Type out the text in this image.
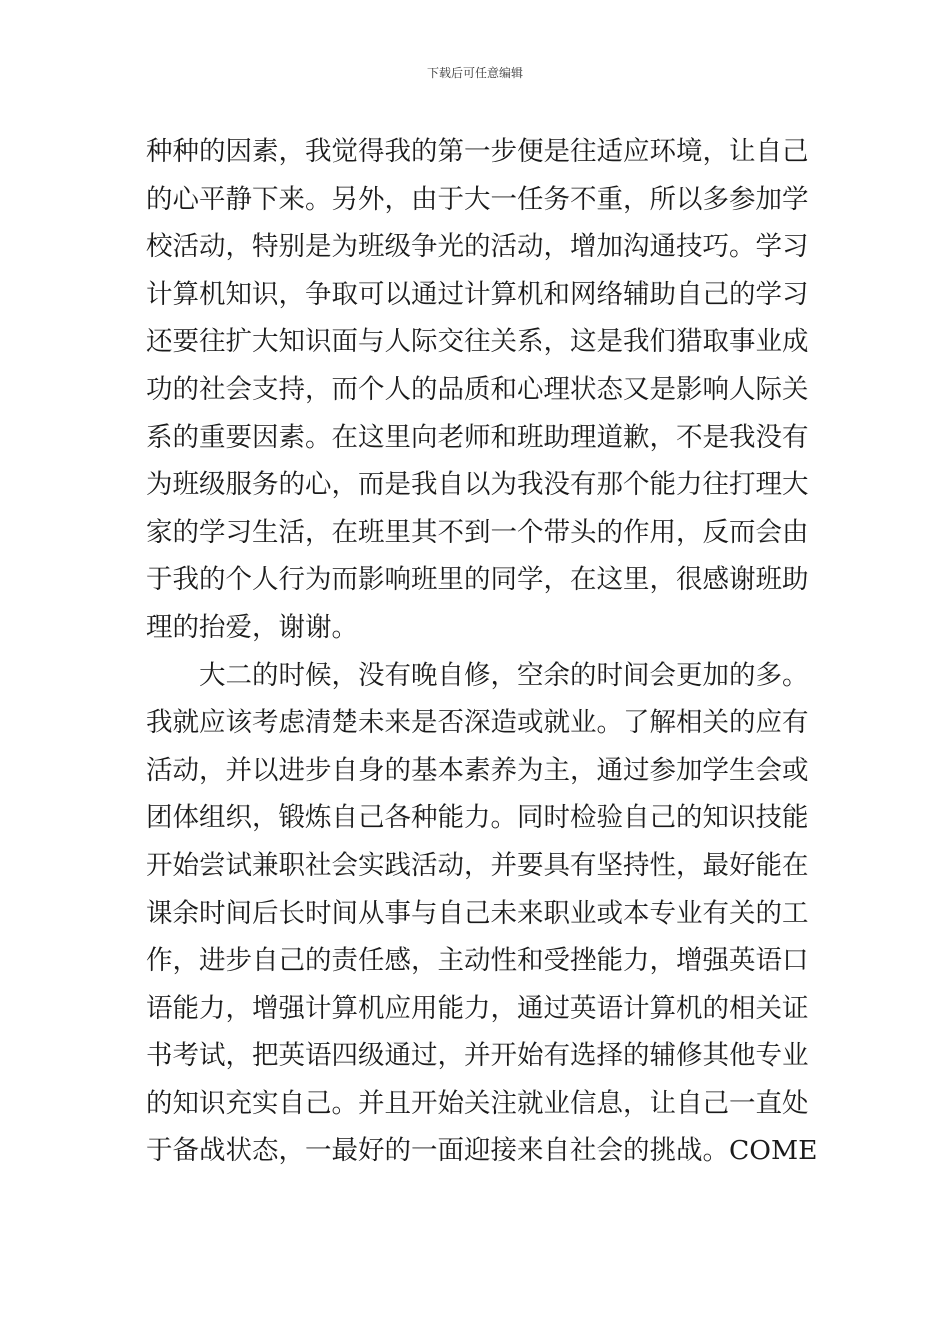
下载后可任意编辑
种种的因素，我觉得我的第一步便是往适应环境，让自己
的心平静下来。另外，由于大一任务不重，所以多参加学
校活动，特别是为班级争光的活动，增加沟通技巧。学习
计算机知识，争取可以通过计算机和网络辅助自己的学习
还要往扩大知识面与人际交往关系，这是我们猎取事业成
功的社会支持，而个人的品质和心理状态又是影响人际关
系的重要因素。在这里向老师和班助理道歉，不是我没有
为班级服务的心，而是我自以为我没有那个能力往打理大
家的学习生活，在班里其不到一个带头的作用，反而会由
于我的个人行为而影响班里的同学，在这里，很感谢班助
理的抬爱，谢谢。
大二的时候，没有晚自修，空余的时间会更加的多。
我就应该考虑清楚未来是否深造或就业。了解相关的应有
活动，并以进步自身的基本素养为主，通过参加学生会或
团体组织，锻炼自己各种能力。同时检验自己的知识技能
开始尝试兼职社会实践活动，并要具有坚持性，最好能在
课余时间后长时间从事与自己未来职业或本专业有关的工
作，进步自己的责任感，主动性和受挫能力，增强英语口
语能力，增强计算机应用能力，通过英语计算机的相关证
书考试，把英语四级通过，并开始有选择的辅修其他专业
的知识充实自己。并且开始关注就业信息，让自己一直处
于备战状态，一最好的一面迎接来自社会的挑战。COME
